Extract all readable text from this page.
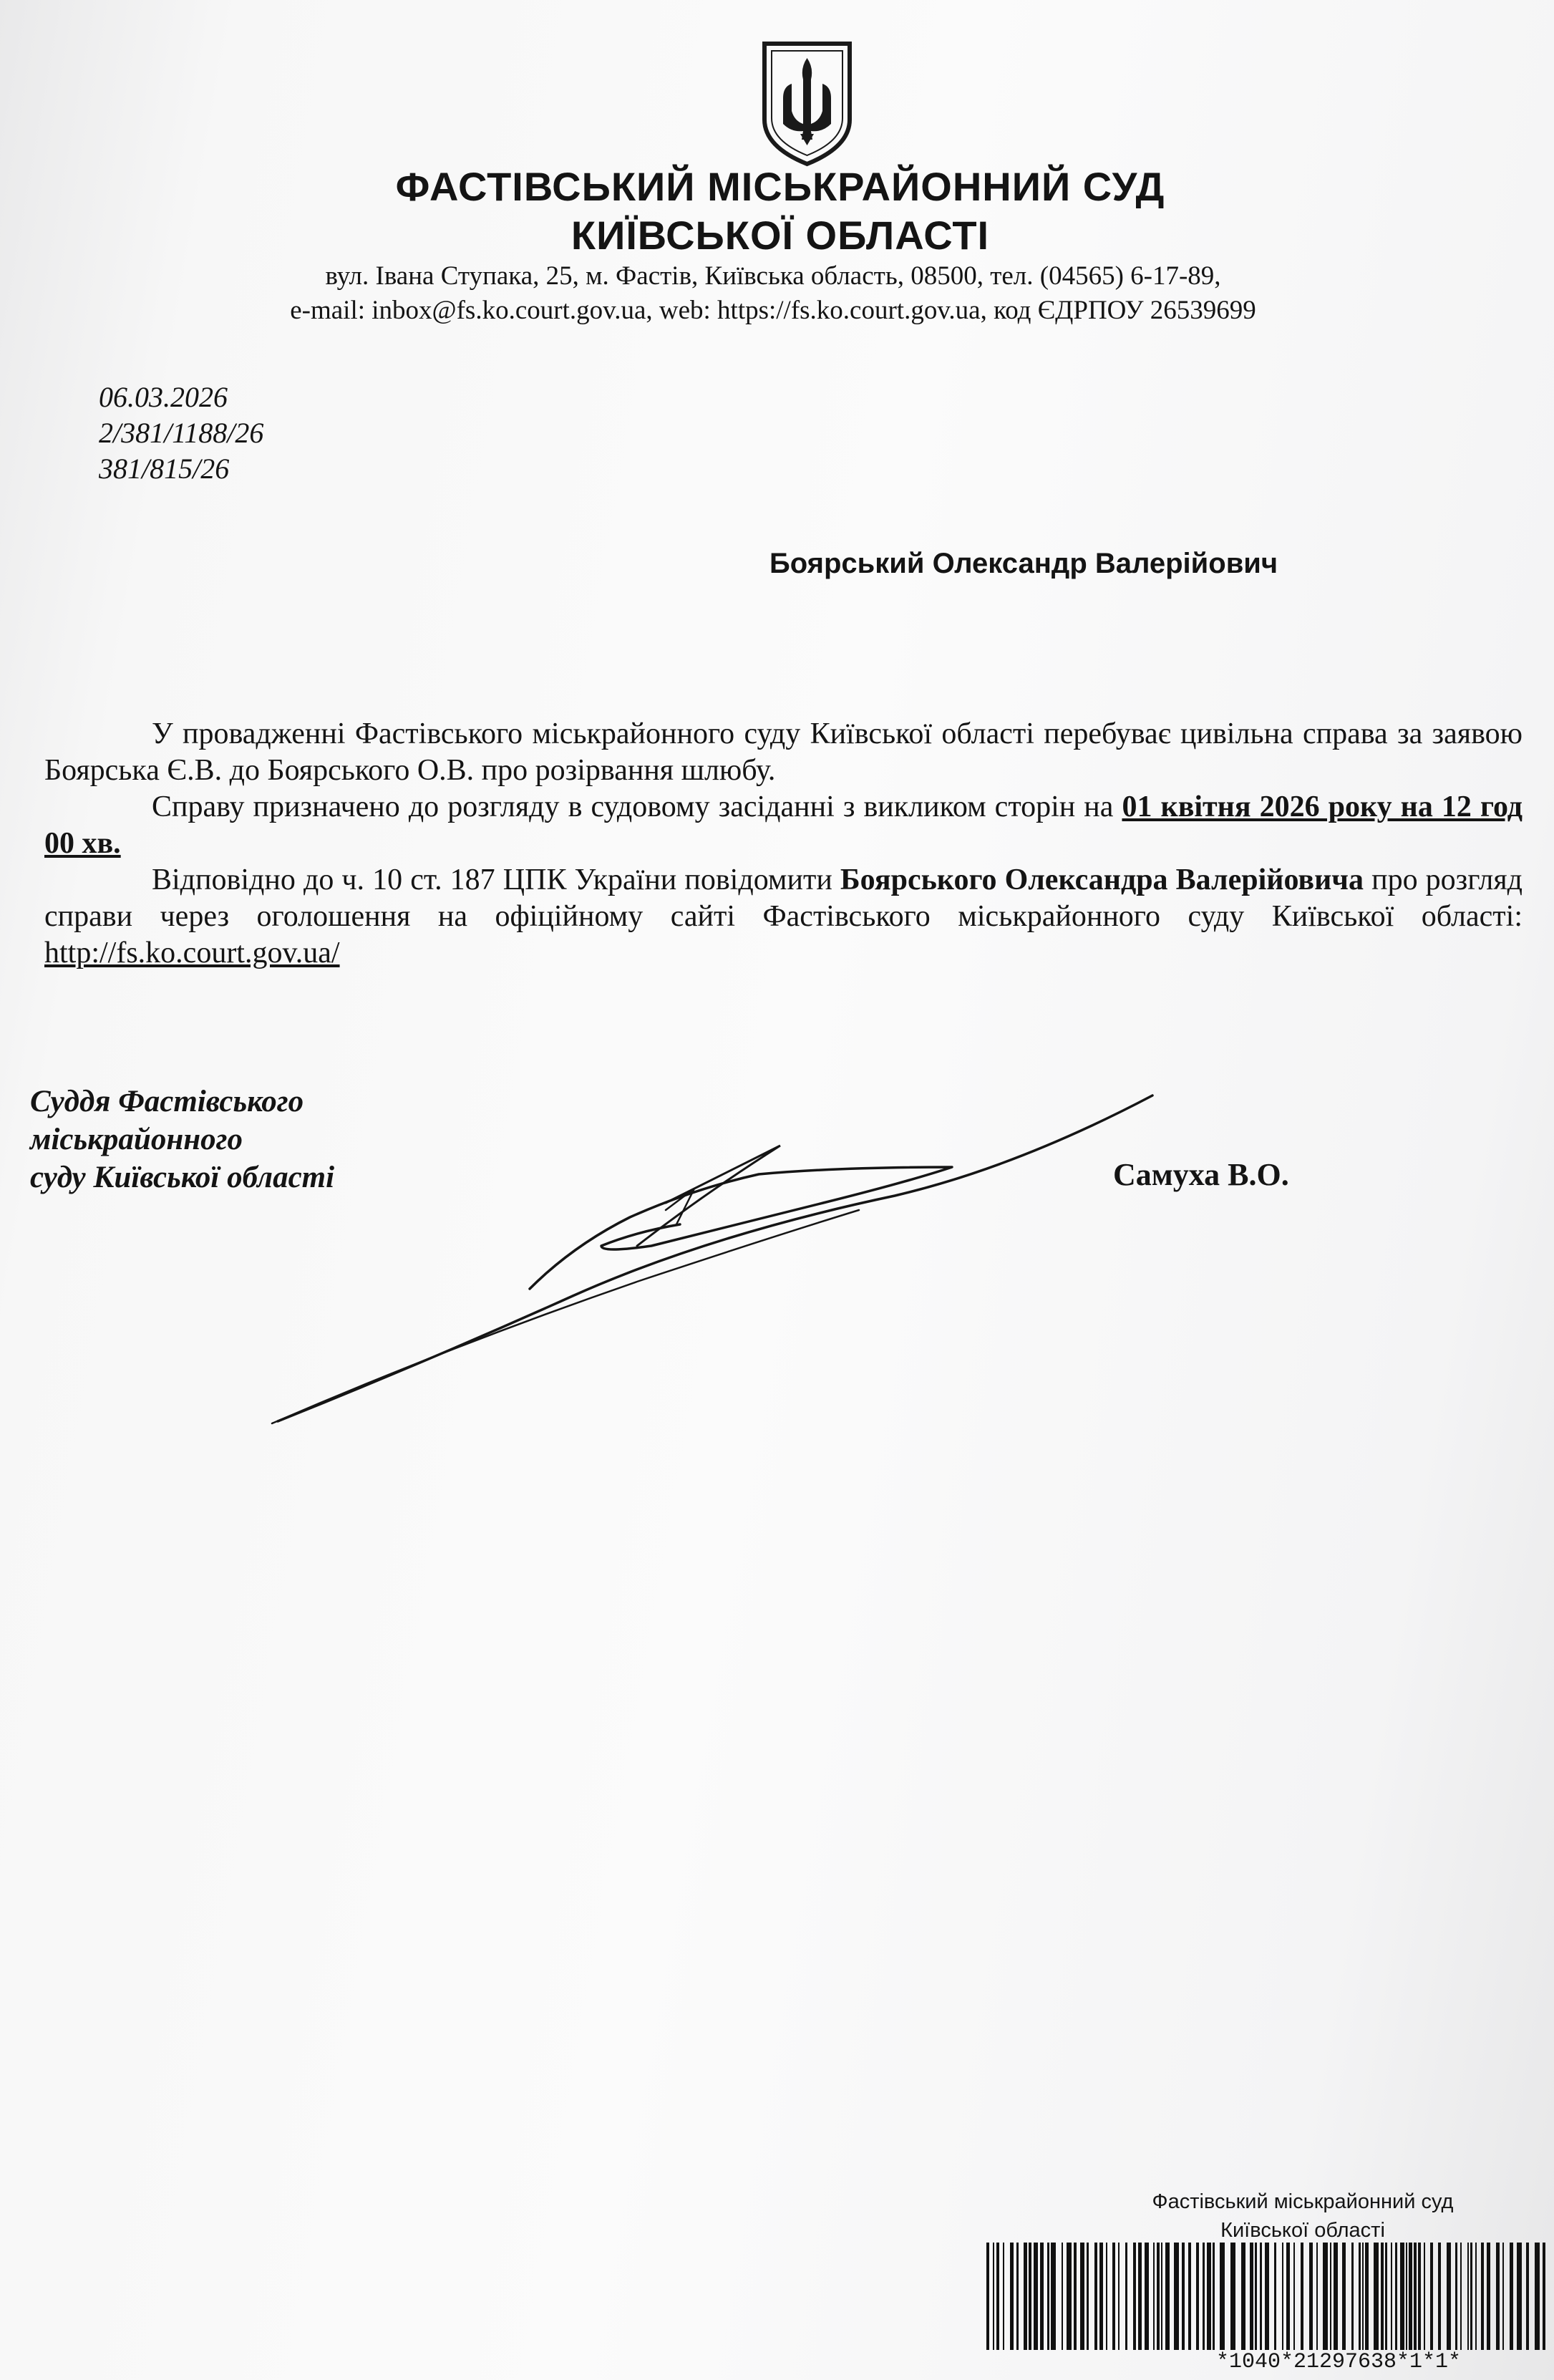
ФАСТІВСЬКИЙ МІСЬКРАЙОННИЙ СУД
КИЇВСЬКОЇ ОБЛАСТІ

вул. Івана Ступака, 25, м. Фастів, Київська область, 08500, тел. (04565) 6-17-89,

e-mail: inbox@fs.ko.court.gov.ua, web: https://fs.ko.court.gov.ua, код ЄДРПОУ 26539699

06.03.2026
2/381/1188/26
381/815/26
Боярський Олександр Валерійович

У провадженні Фастівського міськрайонного суду Київської області перебуває цивільна справа за заявою Боярська Є.В. до Боярського О.В. про розірвання шлюбу.

Справу призначено до розгляду в судовому засіданні з викликом сторін на 01 квітня 2026 року на 12 год 00 хв.

Відповідно до ч. 10 ст. 187 ЦПК України повідомити Боярського Олександра Валерійовича про розгляд справи через оголошення на офіційному сайті Фастівського міськрайонного суду Київської області: http://fs.ko.court.gov.ua/

Суддя Фастівського
міськрайонного
суду Київської області	Самуха В.О.
Фастівський міськрайонний суд
Київської області
*1040*21297638*1*1*
